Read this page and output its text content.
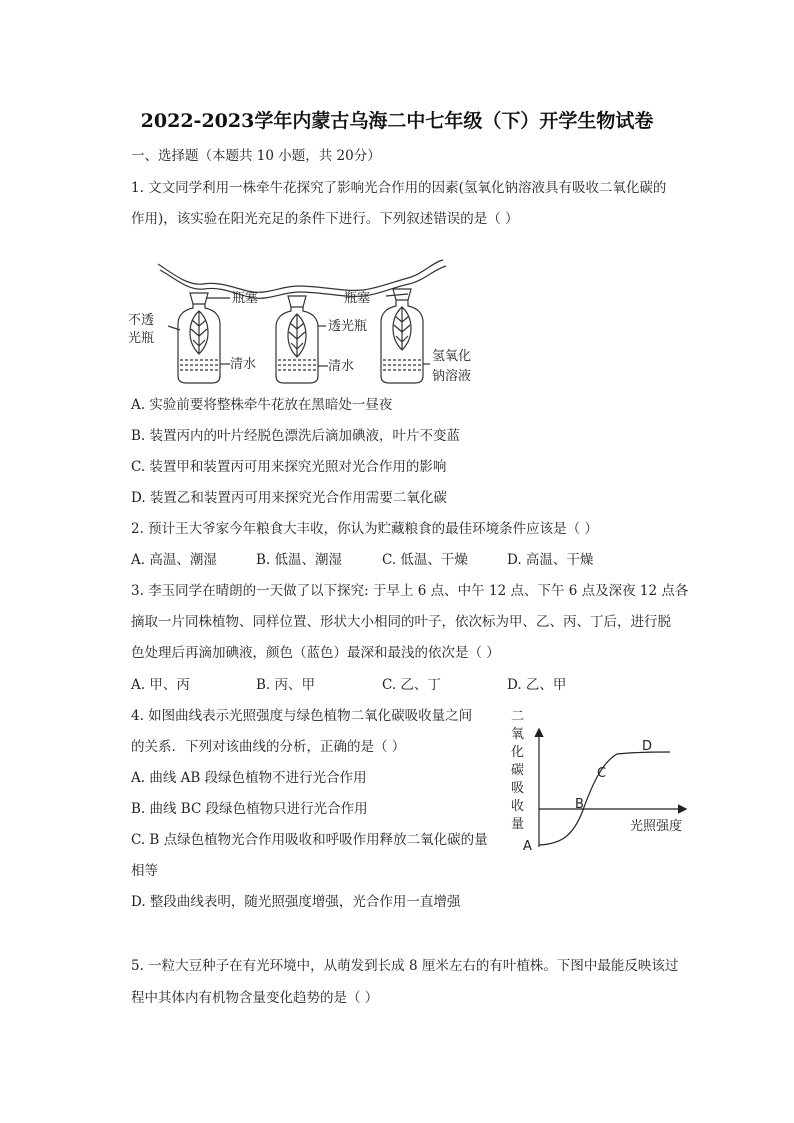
2022-2023学年内蒙古乌海二中七年级（下）开学生物试卷
一、选择题（本题共 10 小题，共 20分）
1. 文文同学利用一株牵牛花探究了影响光合作用的因素(氢氧化钠溶液具有吸收二氧化碳的
作用)，该实验在阳光充足的条件下进行。下列叙述错误的是（ ）
不透
光瓶
瓶塞	瓶塞
透光瓶
清水	清水
氢氧化
钠溶液
A. 实验前要将整株牵牛花放在黑暗处一昼夜
B. 装置丙内的叶片经脱色漂洗后滴加碘液，叶片不变蓝
C. 装置甲和装置丙可用来探究光照对光合作用的影响
D. 装置乙和装置丙可用来探究光合作用需要二氧化碳
2. 预计王大爷家今年粮食大丰收，你认为贮藏粮食的最佳环境条件应该是（ ）
A. 高温、潮湿	B. 低温、潮湿	C. 低温、干燥	D. 高温、干燥
3. 李玉同学在晴朗的一天做了以下探究: 于早上 6 点、中午 12 点、下午 6 点及深夜 12 点各
摘取一片同株植物、同样位置、形状大小相同的叶子，依次标为甲、乙、丙、丁后，进行脱
色处理后再滴加碘液，颜色（蓝色）最深和最浅的依次是（ ）
A. 甲、丙	B. 丙、甲	C. 乙、丁	D. 乙、甲
4. 如图曲线表示光照强度与绿色植物二氧化碳吸收量之间
的关系．下列对该曲线的分析，正确的是（ ）
A. 曲线 AB 段绿色植物不进行光合作用
B. 曲线 BC 段绿色植物只进行光合作用
C. B 点绿色植物光合作用吸收和呼吸作用释放二氧化碳的量
相等
D. 整段曲线表明，随光照强度增强，光合作用一直增强
二
氧
化
碳
吸
收
量	光照强度
A
B
C
D
5. 一粒大豆种子在有光环境中，从萌发到长成 8 厘米左右的有叶植株。下图中最能反映该过
程中其体内有机物含量变化趋势的是（ ）
